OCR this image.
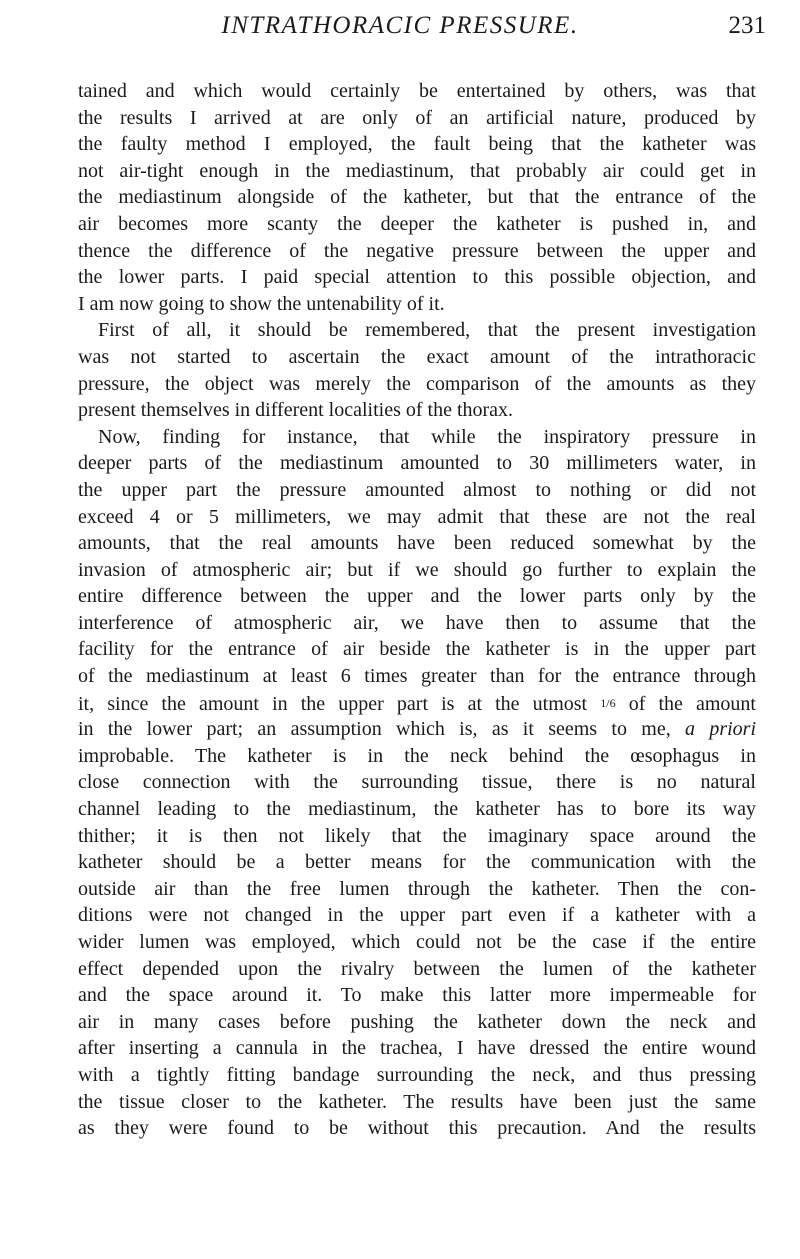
INTRATHORACIC PRESSURE.	231
tained and which would certainly be entertained by others, was that
the results I arrived at are only of an artificial nature, produced by
the faulty method I employed, the fault being that the katheter was
not air-tight enough in the mediastinum, that probably air could get in
the mediastinum alongside of the katheter, but that the entrance of the
air becomes more scanty the deeper the katheter is pushed in, and
thence the difference of the negative pressure between the upper and
the lower parts. I paid special attention to this possible objection, and
I am now going to show the untenability of it.
First of all, it should be remembered, that the present investigation
was not started to ascertain the exact amount of the intrathoracic
pressure, the object was merely the comparison of the amounts as they
present themselves in different localities of the thorax.
Now, finding for instance, that while the inspiratory pressure in
deeper parts of the mediastinum amounted to 30 millimeters water, in
the upper part the pressure amounted almost to nothing or did not
exceed 4 or 5 millimeters, we may admit that these are not the real
amounts, that the real amounts have been reduced somewhat by the
invasion of atmospheric air; but if we should go further to explain the
entire difference between the upper and the lower parts only by the
interference of atmospheric air, we have then to assume that the
facility for the entrance of air beside the katheter is in the upper part
of the mediastinum at least 6 times greater than for the entrance through
it, since the amount in the upper part is at the utmost 1/6 of the amount
in the lower part; an assumption which is, as it seems to me, a priori
improbable. The katheter is in the neck behind the œsophagus in
close connection with the surrounding tissue, there is no natural
channel leading to the mediastinum, the katheter has to bore its way
thither; it is then not likely that the imaginary space around the
katheter should be a better means for the communication with the
outside air than the free lumen through the katheter. Then the con-
ditions were not changed in the upper part even if a katheter with a
wider lumen was employed, which could not be the case if the entire
effect depended upon the rivalry between the lumen of the katheter
and the space around it. To make this latter more impermeable for
air in many cases before pushing the katheter down the neck and
after inserting a cannula in the trachea, I have dressed the entire wound
with a tightly fitting bandage surrounding the neck, and thus pressing
the tissue closer to the katheter. The results have been just the same
as they were found to be without this precaution. And the results
